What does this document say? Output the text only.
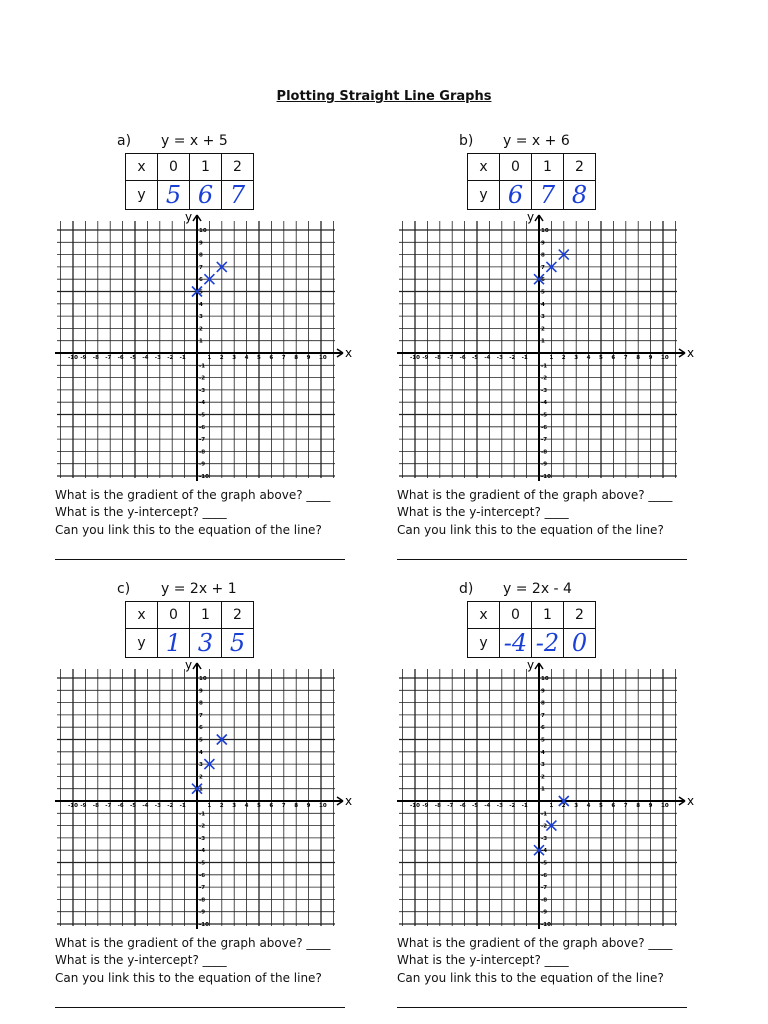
Plotting Straight Line Graphs
a) y = x + 5
x	0	1	2
y	5	6	7
x
y
-10
-10
-9
-9
-8
-8
-7
-7
-6
-6
-5
-5
-4
-4
-3
-3
-2
-2
-1
-1
1
1
2
2
3
3
4
4
5
5
6
6
7
7
8
8
9
9
10
10
What is the gradient of the graph above? ____
What is the y-intercept? ____
Can you link this to the equation of the line?
b) y = x + 6
x	0	1	2
y	6	7	8
x
y
-10
-10
-9
-9
-8
-8
-7
-7
-6
-6
-5
-5
-4
-4
-3
-3
-2
-2
-1
-1
1
1
2
2
3
3
4
4
5
5
6
6
7
7
8
8
9
9
10
10
What is the gradient of the graph above? ____
What is the y-intercept? ____
Can you link this to the equation of the line?
c) y = 2x + 1
x	0	1	2
y	1	3	5
x
y
-10
-10
-9
-9
-8
-8
-7
-7
-6
-6
-5
-5
-4
-4
-3
-3
-2
-2
-1
-1
1
1
2
2
3
3
4
4
5
5
6
6
7
7
8
8
9
9
10
10
What is the gradient of the graph above? ____
What is the y-intercept? ____
Can you link this to the equation of the line?
d) y = 2x - 4
x	0	1	2
y	-4	-2	0
x
y
-10
-10
-9
-9
-8
-8
-7
-7
-6
-6
-5
-5
-4
-4
-3
-3
-2
-2
-1
-1
1
1
2
2
3
3
4
4
5
5
6
6
7
7
8
8
9
9
10
10
What is the gradient of the graph above? ____
What is the y-intercept? ____
Can you link this to the equation of the line?
